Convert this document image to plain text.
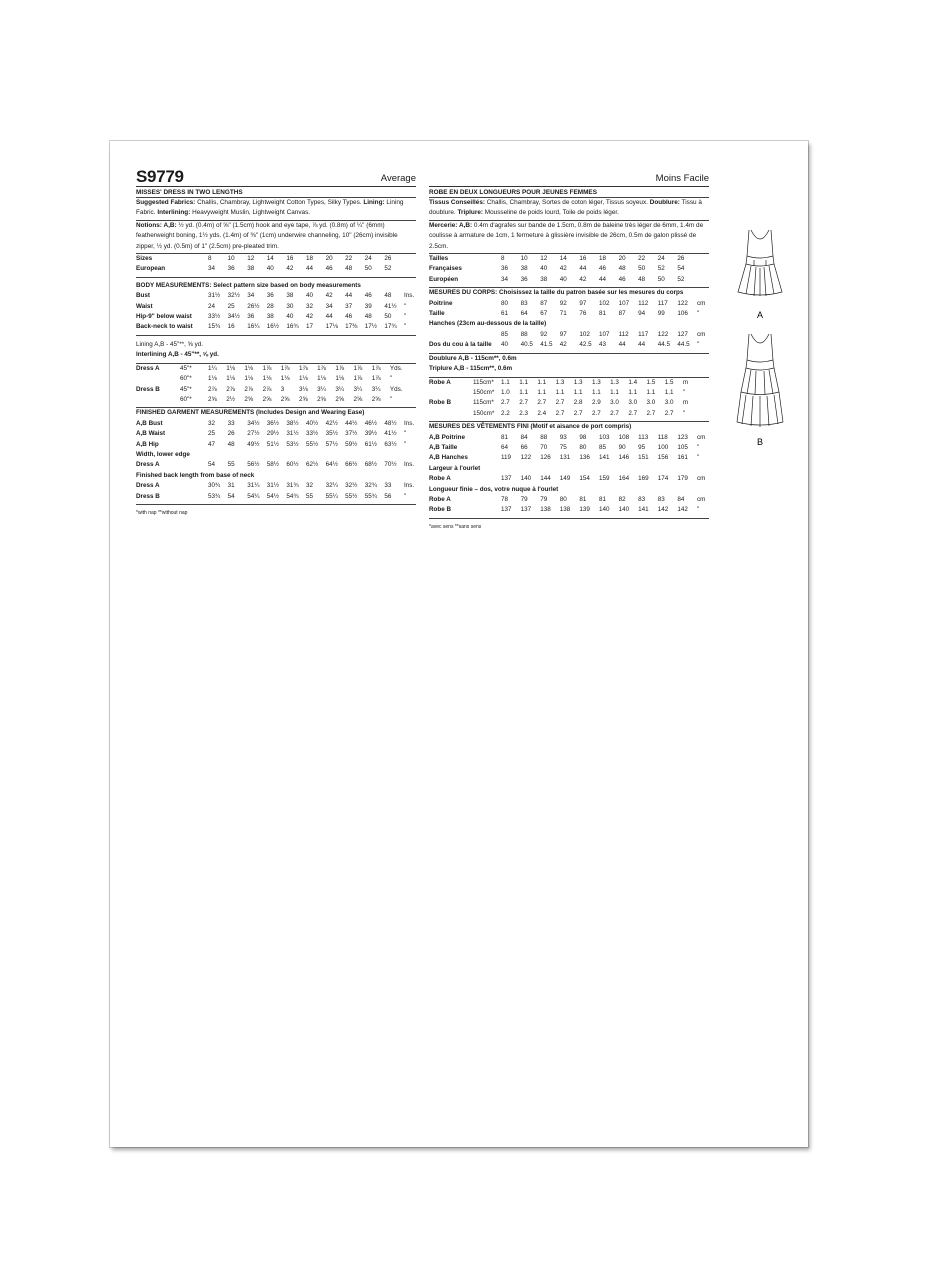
S9779	Average
MISSES' DRESS IN TWO LENGTHS
Suggested Fabrics: Challis, Chambray, Lightweight Cotton Types, Silky Types. Lining: Lining Fabric. Interlining: Heavyweight Muslin, Lightweight Canvas.
Notions: A,B: ½ yd. (0.4m) of ⅝" (1.5cm) hook and eye tape, ⅞ yd. (0.8m) of ¼" (6mm) featherweight boning, 1½ yds. (1.4m) of ⅜" (1cm) underwire channeling, 10" (26cm) invisible zipper, ½ yd. (0.5m) of 1" (2.5cm) pre-pleated trim.
Sizes	8	10	12	14	16	18	20	22	24	26	
European	34	36	38	40	42	44	46	48	50	52	
BODY MEASUREMENTS: Select pattern size based on body measurements
Bust	31½	32½	34	36	38	40	42	44	46	48	Ins.
Waist	24	25	26½	28	30	32	34	37	39	41½	"
Hip-9" below waist	33½	34½	36	38	40	42	44	46	48	50	"
Back-neck to waist	15¾	16	16¼	16½	16¾	17	17⅛	17⅜	17½	17¾	"
Lining A,B - 45"**, ⅝ yd.
Interlining A,B - 45"**, ⅝ yd.
Dress A	45"*	1¼	1⅛	1⅛	1⅞	1⅞	1⅞	1⅞	1⅞	1⅞	1⅞	Yds.
	60"*	1⅛	1⅛	1⅛	1⅛	1⅛	1⅛	1⅛	1⅛	1⅞	1⅞	"
Dress B	45"*	2⅞	2⅞	2⅞	2⅞	3	3⅛	3¼	3¼	3¼	3¼	Yds.
	60"*	2⅝	2½	2⅝	2⅝	2⅝	2⅝	2⅝	2⅝	2⅝	2⅝	"
FINISHED GARMENT MEASUREMENTS (Includes Design and Wearing Ease)
A,B Bust	32	33	34½	36½	38½	40½	42½	44½	46½	48½	Ins.
A,B Waist	25	26	27½	29½	31½	33½	35½	37½	39½	41½	"
A,B Hip	47	48	49½	51½	53½	55½	57½	59½	61½	63½	"
Width, lower edge
Dress A	54	55	56½	58½	60½	62½	64½	66½	68½	70½	Ins.
Finished back length from base of neck
Dress A	30¾	31	31¼	31½	31¾	32	32¼	32½	32¾	33	Ins.
Dress B	53¾	54	54¼	54½	54¾	55	55¼	55½	55¾	56	"
*with nap **without nap
Moins Facile
ROBE EN DEUX LONGUEURS POUR JEUNES FEMMES
Tissus Conseillés: Challis, Chambray, Sortes de coton léger, Tissus soyeux. Doublure: Tissu à doublure. Triplure: Mousseline de poids lourd, Toile de poids léger.
Mercerie: A,B: 0.4m d'agrafes sur bande de 1.5cm, 0.8m de baleine très léger de 6mm, 1.4m de coulisse à armature de 1cm, 1 fermeture à glissière invisible de 26cm, 0.5m de galon plissé de 2.5cm.
Tailles	8	10	12	14	16	18	20	22	24	26	
Françaises	36	38	40	42	44	46	48	50	52	54	
Européen	34	36	38	40	42	44	46	48	50	52	
MESURES DU CORPS: Choisissez la taille du patron basée sur les mesures du corps
Poitrine	80	83	87	92	97	102	107	112	117	122	cm
Taille	61	64	67	71	76	81	87	94	99	106	"
Hanches (23cm au-dessous de la taille)
	85	88	92	97	102	107	112	117	122	127	cm
Dos du cou à la taille	40	40.5	41.5	42	42.5	43	44	44	44.5	44.5	"
Doublure A,B - 115cm**, 0.6m
Triplure A,B - 115cm**, 0.6m
Robe A	115cm*	1.1	1.1	1.1	1.3	1.3	1.3	1.3	1.4	1.5	1.5	m
	150cm*	1.0	1.1	1.1	1.1	1.1	1.1	1.1	1.1	1.1	1.1	"
Robe B	115cm*	2.7	2.7	2.7	2.7	2.8	2.9	3.0	3.0	3.0	3.0	m
	150cm*	2.2	2.3	2.4	2.7	2.7	2.7	2.7	2.7	2.7	2.7	"
MESURES DES VÊTEMENTS FINI (Motif et aisance de port compris)
A,B Poitrine	81	84	88	93	98	103	108	113	118	123	cm
A,B Taille	64	66	70	75	80	85	90	95	100	105	"
A,B Hanches	119	122	126	131	136	141	146	151	156	161	"
Largeur à l'ourlet
Robe A	137	140	144	149	154	159	164	169	174	179	cm
Longueur finie – dos, votre nuque à l'ourlet
Robe A	78	79	79	80	81	81	82	83	83	84	cm
Robe B	137	137	138	138	139	140	140	141	142	142	"
*avec sens **sans sens
A
B
